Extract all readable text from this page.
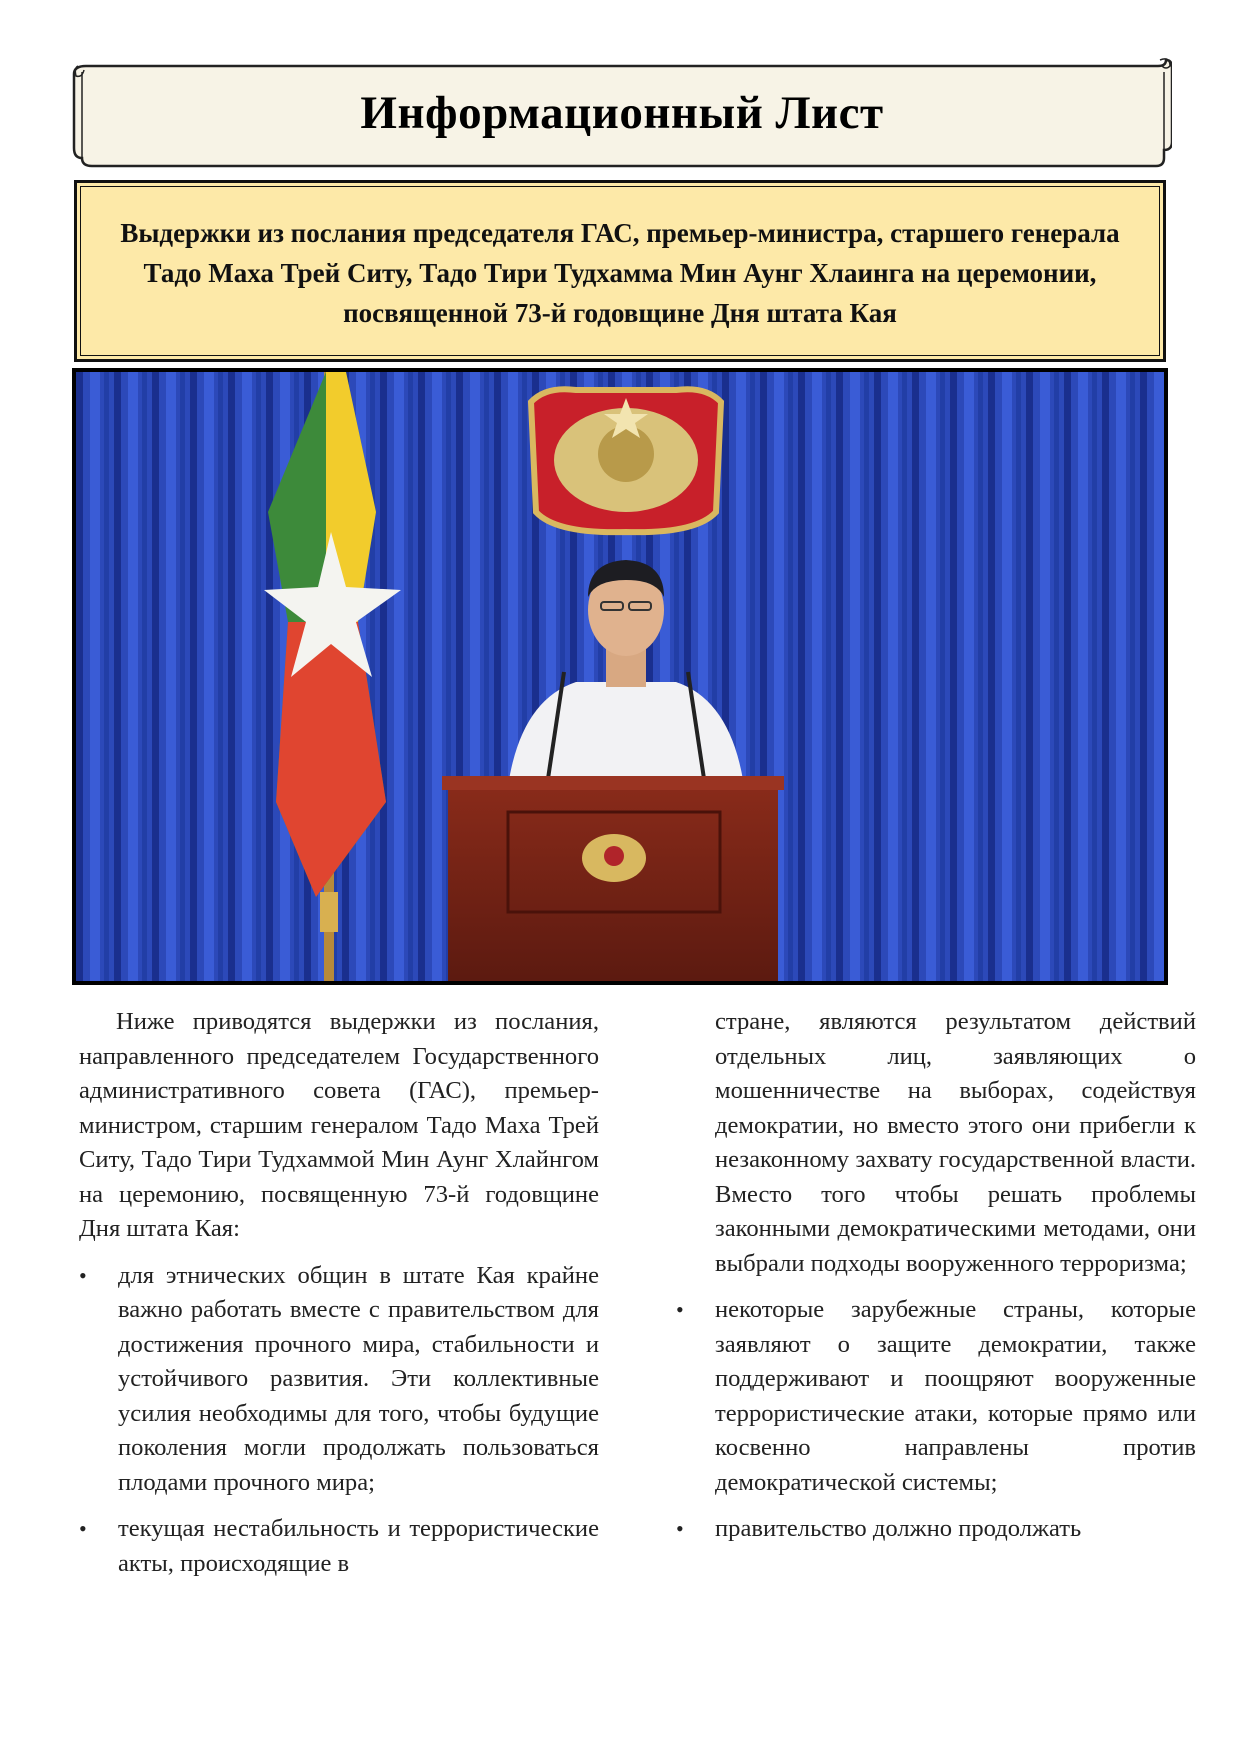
Информационный Лист
Выдержки из послания председателя ГАС, премьер-министра, старшего генерала Тадо Маха Трей Ситу, Тадо Тири Тудхамма Мин Аунг Хлаинга на церемонии, посвященной 73-й годовщине Дня штата Кая

Ниже приводятся выдержки из послания, направленного председателем Государственного административного совета (ГАС), премьер-министром, старшим генералом Тадо Маха Трей Ситу, Тадо Тири Тудхаммой Мин Аунг Хлайнгом на церемонию, посвященную 73-й годовщине Дня штата Кая:

• для этнических общин в штате Кая крайне важно работать вместе с правительством для достижения прочного мира, стабильности и устойчивого развития. Эти коллективные усилия необходимы для того, чтобы будущие поколения могли продолжать пользоваться плодами прочного мира;
• текущая нестабильность и террористические акты, происходящие в

стране, являются результатом действий отдельных лиц, заявляющих о мошенничестве на выборах, содействуя демократии, но вместо этого они прибегли к незаконному захвату государственной власти. Вместо того чтобы решать проблемы законными демократическими методами, они выбрали подходы вооруженного терроризма;

• некоторые зарубежные страны, которые заявляют о защите демократии, также поддерживают и поощряют вооруженные террористические атаки, которые прямо или косвенно направлены против демократической системы;
• правительство должно продолжать
